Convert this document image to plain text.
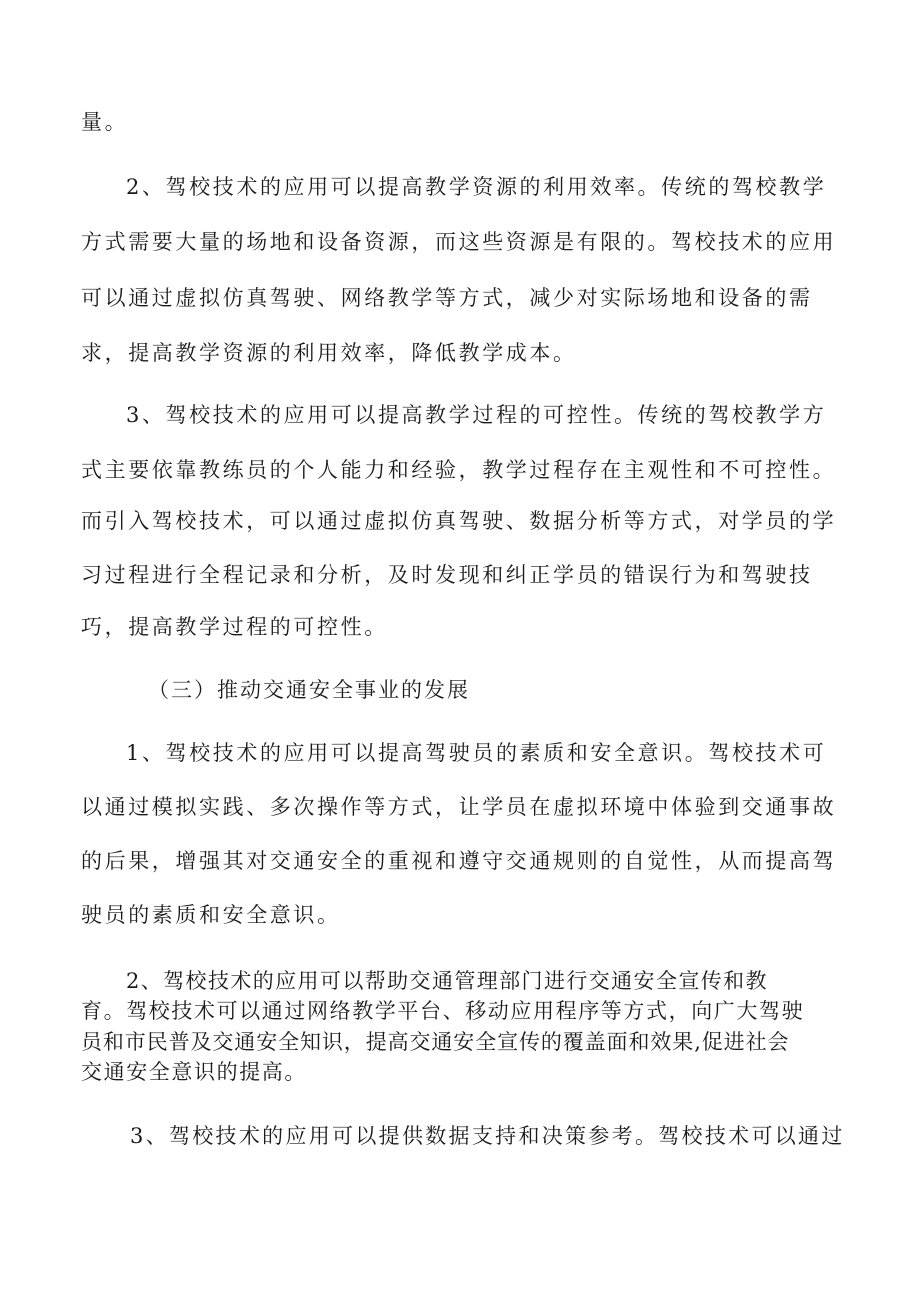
量。
2、驾校技术的应用可以提高教学资源的利用效率。传统的驾校教学
方式需要大量的场地和设备资源，而这些资源是有限的。驾校技术的应用
可以通过虚拟仿真驾驶、网络教学等方式，减少对实际场地和设备的需
求，提高教学资源的利用效率，降低教学成本。
3、驾校技术的应用可以提高教学过程的可控性。传统的驾校教学方
式主要依靠教练员的个人能力和经验，教学过程存在主观性和不可控性。
而引入驾校技术，可以通过虚拟仿真驾驶、数据分析等方式，对学员的学
习过程进行全程记录和分析，及时发现和纠正学员的错误行为和驾驶技
巧，提高教学过程的可控性。
（三）推动交通安全事业的发展
1、驾校技术的应用可以提高驾驶员的素质和安全意识。驾校技术可
以通过模拟实践、多次操作等方式，让学员在虚拟环境中体验到交通事故
的后果，增强其对交通安全的重视和遵守交通规则的自觉性，从而提高驾
驶员的素质和安全意识。
2、驾校技术的应用可以帮助交通管理部门进行交通安全宣传和教
育。驾校技术可以通过网络教学平台、移动应用程序等方式，向广大驾驶
员和市民普及交通安全知识，提高交通安全宣传的覆盖面和效果,促进社会
交通安全意识的提高。
3、驾校技术的应用可以提供数据支持和决策参考。驾校技术可以通过
